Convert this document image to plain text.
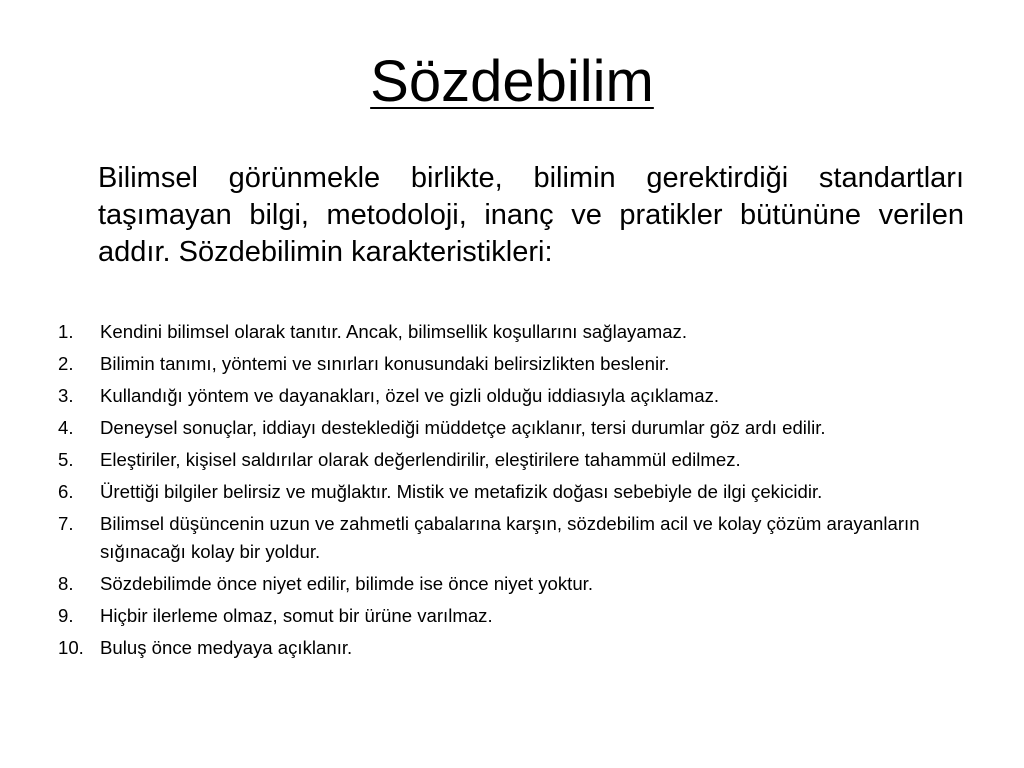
Sözdebilim

Bilimsel görünmekle birlikte, bilimin gerektirdiği standartları taşımayan bilgi, metodoloji, inanç ve pratikler bütününe verilen addır. Sözdebilimin karakteristikleri:

1.	Kendini bilimsel olarak tanıtır. Ancak, bilimsellik koşullarını sağlayamaz.
2.	Bilimin tanımı, yöntemi ve sınırları konusundaki belirsizlikten beslenir.
3.	Kullandığı yöntem ve dayanakları, özel ve gizli olduğu iddiasıyla açıklamaz.
4.	Deneysel sonuçlar, iddiayı desteklediği müddetçe açıklanır, tersi durumlar göz ardı edilir.
5.	Eleştiriler, kişisel saldırılar olarak değerlendirilir, eleştirilere tahammül edilmez.
6.	Ürettiği bilgiler belirsiz ve muğlaktır. Mistik ve metafizik doğası sebebiyle de ilgi çekicidir.
7.	Bilimsel düşüncenin uzun ve zahmetli çabalarına karşın, sözdebilim acil ve kolay çözüm arayanların sığınacağı kolay bir yoldur.
8.	Sözdebilimde önce niyet edilir, bilimde ise önce niyet yoktur.
9.	Hiçbir ilerleme olmaz, somut bir ürüne varılmaz.
10. Buluş önce medyaya açıklanır.
